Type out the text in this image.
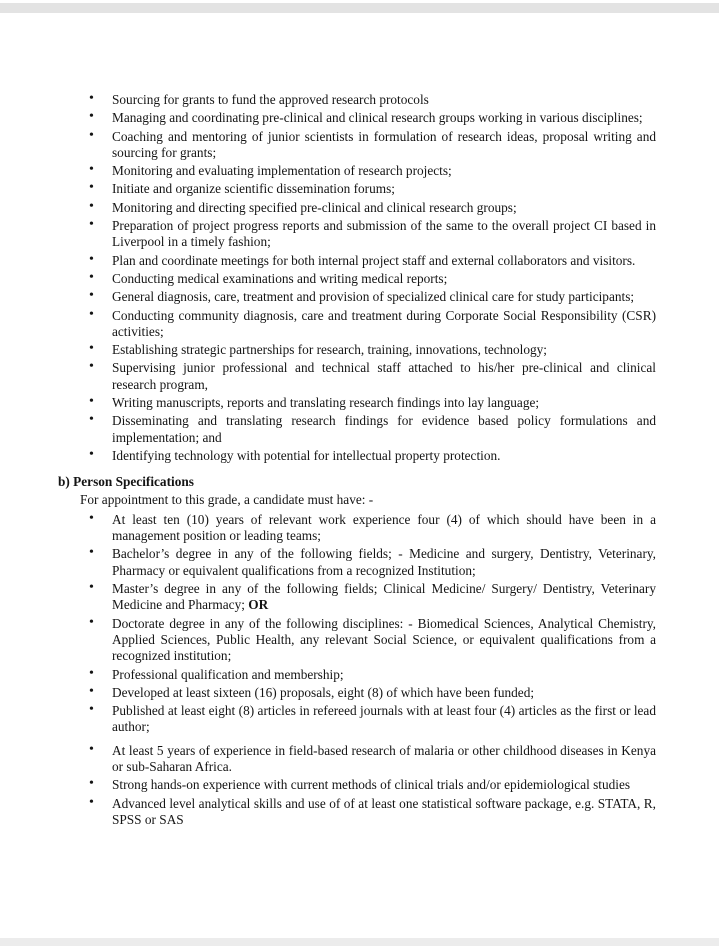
• Sourcing for grants to fund the approved research protocols
• Managing and coordinating pre-clinical and clinical research groups working in various disciplines;
• Coaching and mentoring of junior scientists in formulation of research ideas, proposal writing and sourcing for grants;
• Monitoring and evaluating implementation of research projects;
• Initiate and organize scientific dissemination forums;
• Monitoring and directing specified pre-clinical and clinical research groups;
• Preparation of project progress reports and submission of the same to the overall project CI based in Liverpool in a timely fashion;
• Plan and coordinate meetings for both internal project staff and external collaborators and visitors.
• Conducting medical examinations and writing medical reports;
• General diagnosis, care, treatment and provision of specialized clinical care for study participants;
• Conducting community diagnosis, care and treatment during Corporate Social Responsibility (CSR) activities;
• Establishing strategic partnerships for research, training, innovations, technology;
• Supervising junior professional and technical staff attached to his/her pre-clinical and clinical research program,
• Writing manuscripts, reports and translating research findings into lay language;
• Disseminating and translating research findings for evidence based policy formulations and implementation; and
• Identifying technology with potential for intellectual property protection.
b) Person Specifications

For appointment to this grade, a candidate must have: -

• At least ten (10) years of relevant work experience four (4) of which should have been in a management position or leading teams;
• Bachelor’s degree in any of the following fields; - Medicine and surgery, Dentistry, Veterinary, Pharmacy or equivalent qualifications from a recognized Institution;
• Master’s degree in any of the following fields; Clinical Medicine/ Surgery/ Dentistry, Veterinary Medicine and Pharmacy; OR
• Doctorate degree in any of the following disciplines: - Biomedical Sciences, Analytical Chemistry, Applied Sciences, Public Health, any relevant Social Science, or equivalent qualifications from a recognized institution;
• Professional qualification and membership;
• Developed at least sixteen (16) proposals, eight (8) of which have been funded;
• Published at least eight (8) articles in refereed journals with at least four (4) articles as the first or lead author;
• At least 5 years of experience in field-based research of malaria or other childhood diseases in Kenya or sub-Saharan Africa.
• Strong hands-on experience with current methods of clinical trials and/or epidemiological studies
• Advanced level analytical skills and use of of at least one statistical software package, e.g. STATA, R, SPSS or SAS
